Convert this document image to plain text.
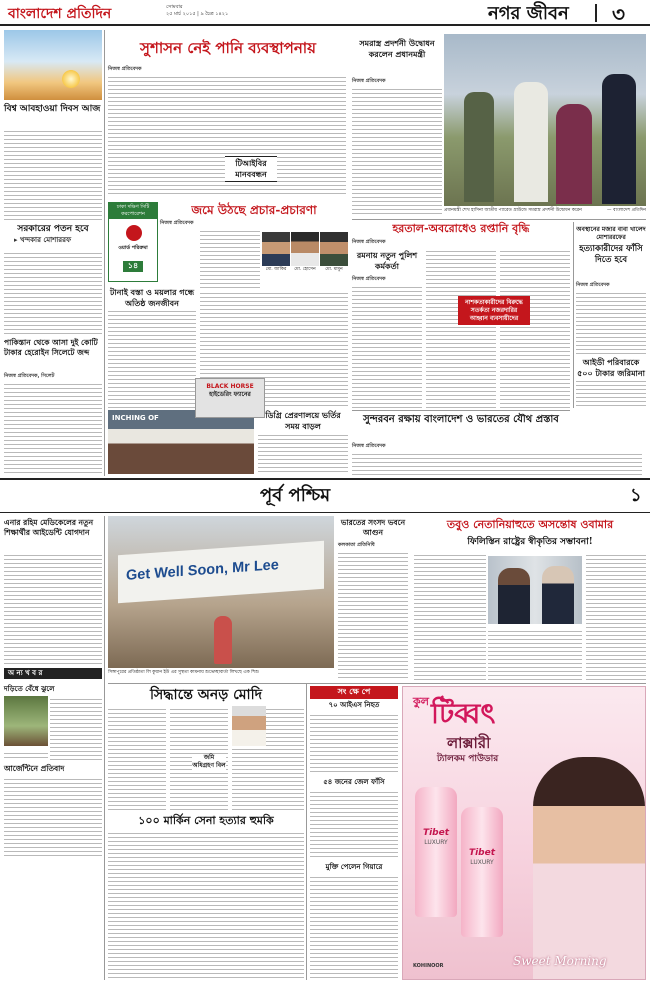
বাংলাদেশ প্রতিদিন	সোমবার
২৫ মার্চ ২০১৫ | ৯ চৈত্র ১৪২১	নগর জীবন ৩
বিশ্ব আবহাওয়া দিবস আজ
সরকারের পতন হবে
▸ খন্দকার মোশাররফ
পাকিস্তান থেকে আসা দুই কোটি টাকার হেরোইন সিলেটে জব্দ
নিজস্ব প্রতিবেদক, সিলেট
সুশাসন নেই পানি ব্যবস্থাপনায়
নিজস্ব প্রতিবেদক
টিআইবির মানববন্ধন
সমরাস্ত্র প্রদর্শনী উদ্বোধন করলেন প্রধানমন্ত্রী
নিজস্ব প্রতিবেদক
প্রধানমন্ত্রী শেখ হাসিনা জাতীয় প্যারেড গ্রাউন্ডে সমরাস্ত্র প্রদর্শনী উদ্বোধন করেন	— বাংলাদেশ প্রতিদিন
ঢাকা দক্ষিণ সিটি করপোরেশন
ওয়ার্ড পরিক্রমা
১৪
জমে উঠছে প্রচার-প্রচারণা
নিজস্ব প্রতিবেদক
টানাই বস্তা ও ময়লার গন্ধে অতিষ্ঠ জনজীবন
মো. জাকির	মো. হোসেন	মো. মামুন
INCHING OF
BLACK HORSE
হাইডেরিং ফ্যানের
ডিগ্রি প্রেরণালয়ে ভর্তির সময় বাড়ল
হরতাল-অবরোধেও রপ্তানি বৃদ্ধি
নিজস্ব প্রতিবেদক
রমনায় নতুন পুলিশ কর্মকর্তা
নিজস্ব প্রতিবেদক
নাশকতাকারীদের বিরুদ্ধে সতর্কতা নজরদারির আহ্বান ব্যবসায়ীদের
সুন্দরবন রক্ষায় বাংলাদেশ ও ভারতের যৌথ প্রস্তাব
নিজস্ব প্রতিবেদক
অবস্থানের মজার বাবা খালেদ মোশাররফের
হত্যাকারীদের ফাঁসি দিতে হবে
নিজস্ব প্রতিবেদক
আইডী পরিবারকে ৫০০ টাকার জরিমানা
পূর্ব পশ্চিম	১
এনার রহিম মেডিকেলের নতুন শিক্ষার্থীর আইডেন্টি যোগদান
অ ন্য খ ব র
দড়িতে বেঁধে ঝুলে
আর্জেন্টিনে প্রতিবাদ
Get Well Soon, Mr Lee
সিঙ্গাপুরের প্রতিষ্ঠাতা লি কুয়ান ইউ এর সুস্থতা কামনায় শুভেচ্ছাবার্তা লিখছে এক শিশু
ভারতের সংসদ ভবনে আগুন
কলকাতা প্রতিনিধি
তবুও নেতানিয়াহুতে অসন্তোষ ওবামার
ফিলিস্তিন রাষ্ট্রের স্বীকৃতির সম্ভাবনা!
সিদ্ধান্তে অনড় মোদি
জমি অধিগ্রহণ বিল
১০০ মার্কিন সেনা হত্যার হুমকি
সং ক্ষে পে
৭০ আইএস নিহত
৫৪ জনের জেল ফাঁসি
মুক্তি পেলেন গিয়ারে
কুল টিব্বৎ
লাক্সারী
ট্যালকম পাউডার
Tibet
LUXURY
Tibet
LUXURY
Sweet Morning
KOHINOOR
